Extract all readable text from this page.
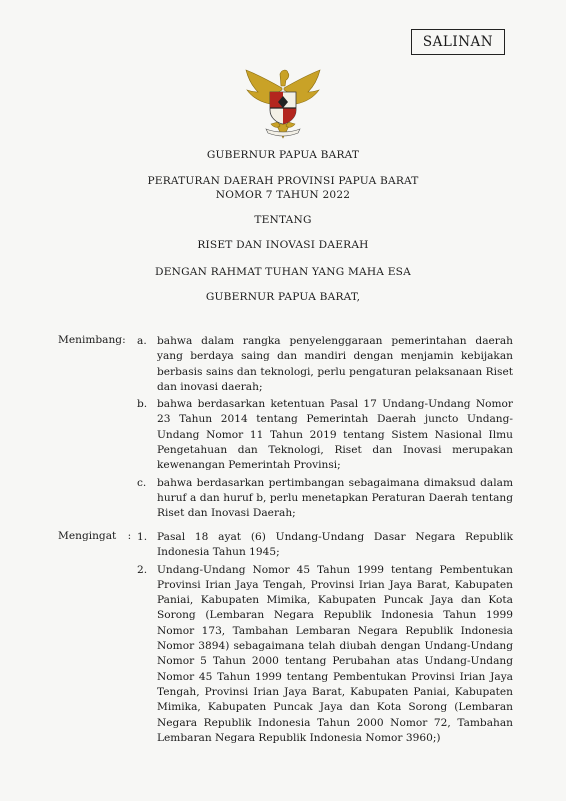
SALINAN
GUBERNUR PAPUA BARAT
PERATURAN DAERAH PROVINSI PAPUA BARAT
NOMOR 7 TAHUN 2022
TENTANG
RISET DAN INOVASI DAERAH
DENGAN RAHMAT TUHAN YANG MAHA ESA
GUBERNUR PAPUA BARAT,
Menimbang: a. bahwa dalam rangka penyelenggaraan pemerintahan daerah yang berdaya saing dan mandiri dengan menjamin kebijakan berbasis sains dan teknologi, perlu pengaturan pelaksanaan Riset dan inovasi daerah;
b. bahwa berdasarkan ketentuan Pasal 17 Undang-Undang Nomor 23 Tahun 2014 tentang Pemerintah Daerah juncto Undang-Undang Nomor 11 Tahun 2019 tentang Sistem Nasional Ilmu Pengetahuan dan Teknologi, Riset dan Inovasi merupakan kewenangan Pemerintah Provinsi;
c. bahwa berdasarkan pertimbangan sebagaimana dimaksud dalam huruf a dan huruf b, perlu menetapkan Peraturan Daerah tentang Riset dan Inovasi Daerah;
Mengingat : 1. Pasal 18 ayat (6) Undang-Undang Dasar Negara Republik Indonesia Tahun 1945;
2. Undang-Undang Nomor 45 Tahun 1999 tentang Pembentukan Provinsi Irian Jaya Tengah, Provinsi Irian Jaya Barat, Kabupaten Paniai, Kabupaten Mimika, Kabupaten Puncak Jaya dan Kota Sorong (Lembaran Negara Republik Indonesia Tahun 1999 Nomor 173, Tambahan Lembaran Negara Republik Indonesia Nomor 3894) sebagaimana telah diubah dengan Undang-Undang Nomor 5 Tahun 2000 tentang Perubahan atas Undang-Undang Nomor 45 Tahun 1999 tentang Pembentukan Provinsi Irian Jaya Tengah, Provinsi Irian Jaya Barat, Kabupaten Paniai, Kabupaten Mimika, Kabupaten Puncak Jaya dan Kota Sorong (Lembaran Negara Republik Indonesia Tahun 2000 Nomor 72, Tambahan Lembaran Negara Republik Indonesia Nomor 3960;)
